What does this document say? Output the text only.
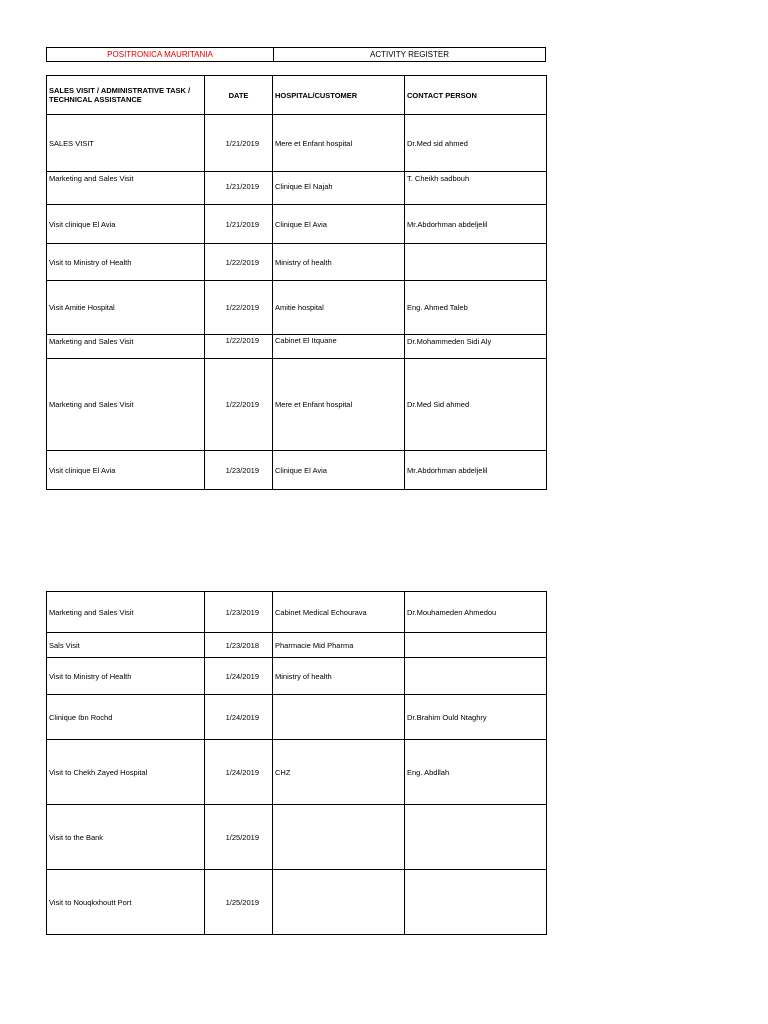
POSITRONICA MAURITANIA	ACTIVITY REGISTER
SALES VISIT / ADMINISTRATIVE TASK / TECHNICAL ASSISTANCE	DATE	HOSPITAL/CUSTOMER	CONTACT PERSON
SALES VISIT	1/21/2019	Mere et Enfant hospital	Dr.Med sid ahmed
Marketing and Sales Visit	1/21/2019	Clinique El Najah	T. Cheikh sadbouh
Visit clinique El Avia	1/21/2019	Clinique El Avia	Mr.Abdorhman abdeljelil
Visit to Ministry of Health	1/22/2019	Ministry of health	
Visit Amitie Hospital	1/22/2019	Amitie hospital	Eng. Ahmed Taleb
Marketing and Sales Visit	1/22/2019	Cabinet El Itquane	Dr.Mohammeden Sidi Aly
Marketing and Sales Visit	1/22/2019	Mere et Enfant hospital	Dr.Med Sid ahmed
Visit clinique El Avia	1/23/2019	Clinique El Avia	Mr.Abdorhman abdeljelil
Marketing and Sales Visit	1/23/2019	Cabinet Medical Echourava	Dr.Mouhameden Ahmedou
Sals Visit	1/23/2018	Pharmacie Mid Pharma	
Visit to Ministry of Health	1/24/2019	Ministry of health	
Clinique Ibn Rochd	1/24/2019		Dr.Brahim Ould Ntaghry
Visit to Chekh Zayed Hospital	1/24/2019	CHZ	Eng. Abdllah
Visit to the Bank	1/25/2019		
Visit to Nouqkxhoutt Port	1/25/2019		
